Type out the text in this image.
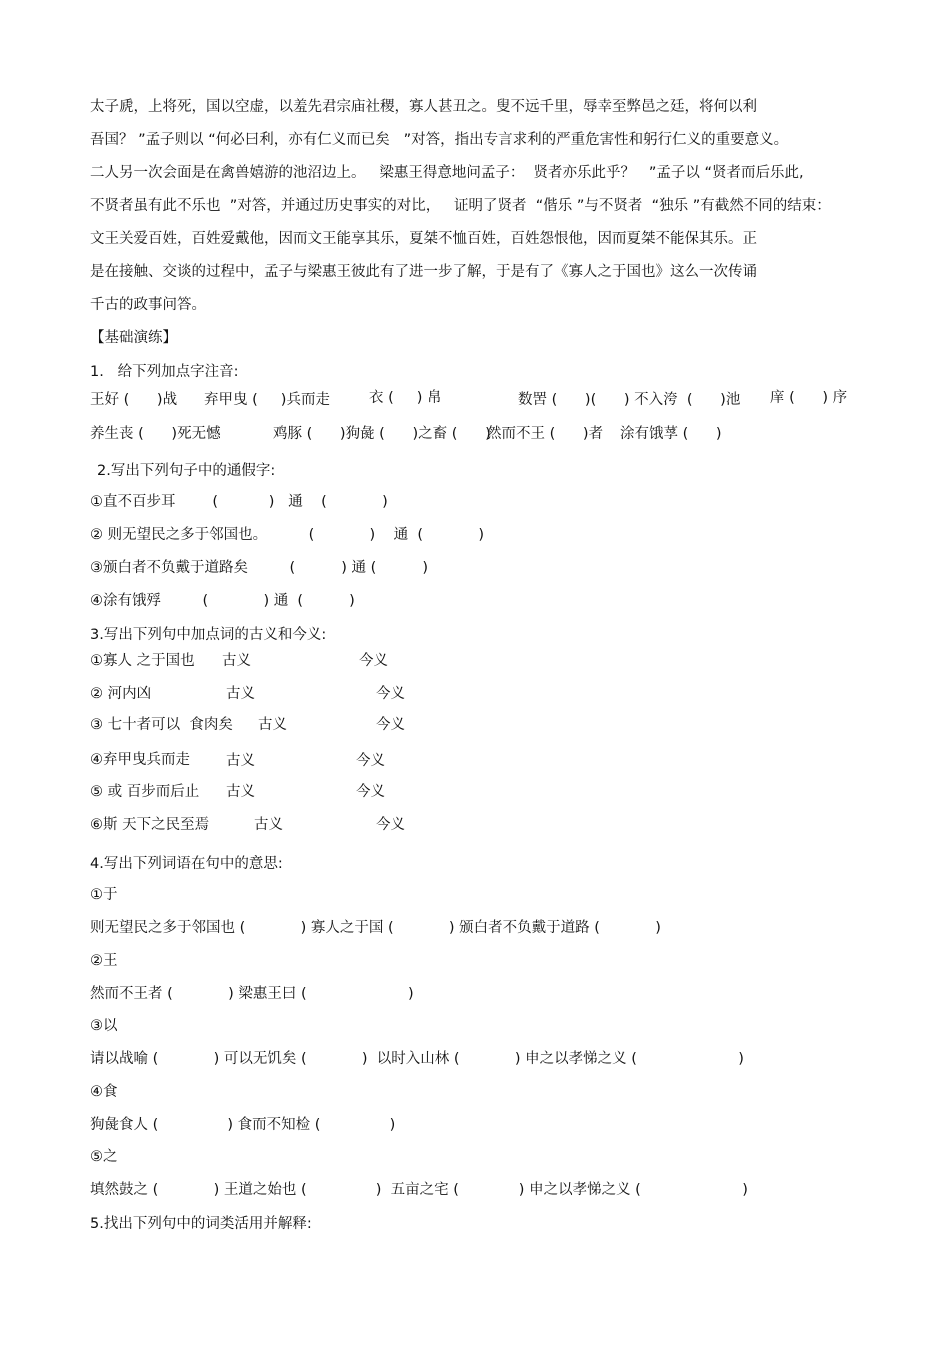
太子虒，上将死，国以空虚，以羞先君宗庙社稷，寡人甚丑之。叟不远千里，辱幸至弊邑之廷，将何以利
吾国？ ”孟子则以 “何必曰利，亦有仁义而已矣   ”对答，指出专言求利的严重危害性和躬行仁义的重要意义。
二人另一次会面是在禽兽嬉游的池沼边上。   梁惠王得意地问孟子：  贤者亦乐此乎？   ”孟子以 “贤者而后乐此,
不贤者虽有此不乐也  ”对答，并通过历史事实的对比，   证明了贤者  “偕乐 ”与不贤者  “独乐 ”有截然不同的结束：
文王关爱百姓，百姓爱戴他，因而文王能享其乐，夏桀不恤百姓，百姓怨恨他，因而夏桀不能保其乐。正
是在接触、交谈的过程中，孟子与梁惠王彼此有了进一步了解，于是有了《寡人之于国也》这么一次传诵
千古的政事问答。
【基础演练】
1.   给下列加点字注音:
王好 (      )战 弃甲曳 (     )兵而走	衣 (     ) 帛	数罟 (      )(      ) 不入洿  (      )池 庠 (      ) 序
养生丧 (      )死无憾	鸡豚 (      )狗彘 (      )之畜 (      )
然而不王 (      )者 涂有饿莩 (      )
2.写出下列句子中的通假字:
①直不百步耳        (           )   通    (            )
② 则无望民之多于邻国也。         (            )    通  (            )
③颁白者不负戴于道路矣         (          ) 通 (          )
④涂有饿殍         (            ) 通  (          )
3.写出下列句中加点词的古义和今义:
①寡人 之于国也 古义	今义
② 河内凶	古义	今义
③ 七十者可以  食肉矣 古义	今义
④弃甲曳兵而走 古义	今义
⑤ 或 百步而后止 古义	今义
⑥斯 天下之民至焉	古义	今义
4.写出下列词语在句中的意思:
①于
则无望民之多于邻国也 (            ) 寡人之于国 (            ) 颁白者不负戴于道路 (            )
②王
然而不王者 (            ) 梁惠王曰 (                      )
③以
请以战喻 (            ) 可以无饥矣 (            )  以时入山林 (            ) 申之以孝悌之义 (                      )
④食
狗彘食人 (               ) 食而不知检 (               )
⑤之
填然鼓之 (            ) 王道之始也 (               )  五亩之宅 (             ) 申之以孝悌之义 (                      )
5.找出下列句中的词类活用并解释:
